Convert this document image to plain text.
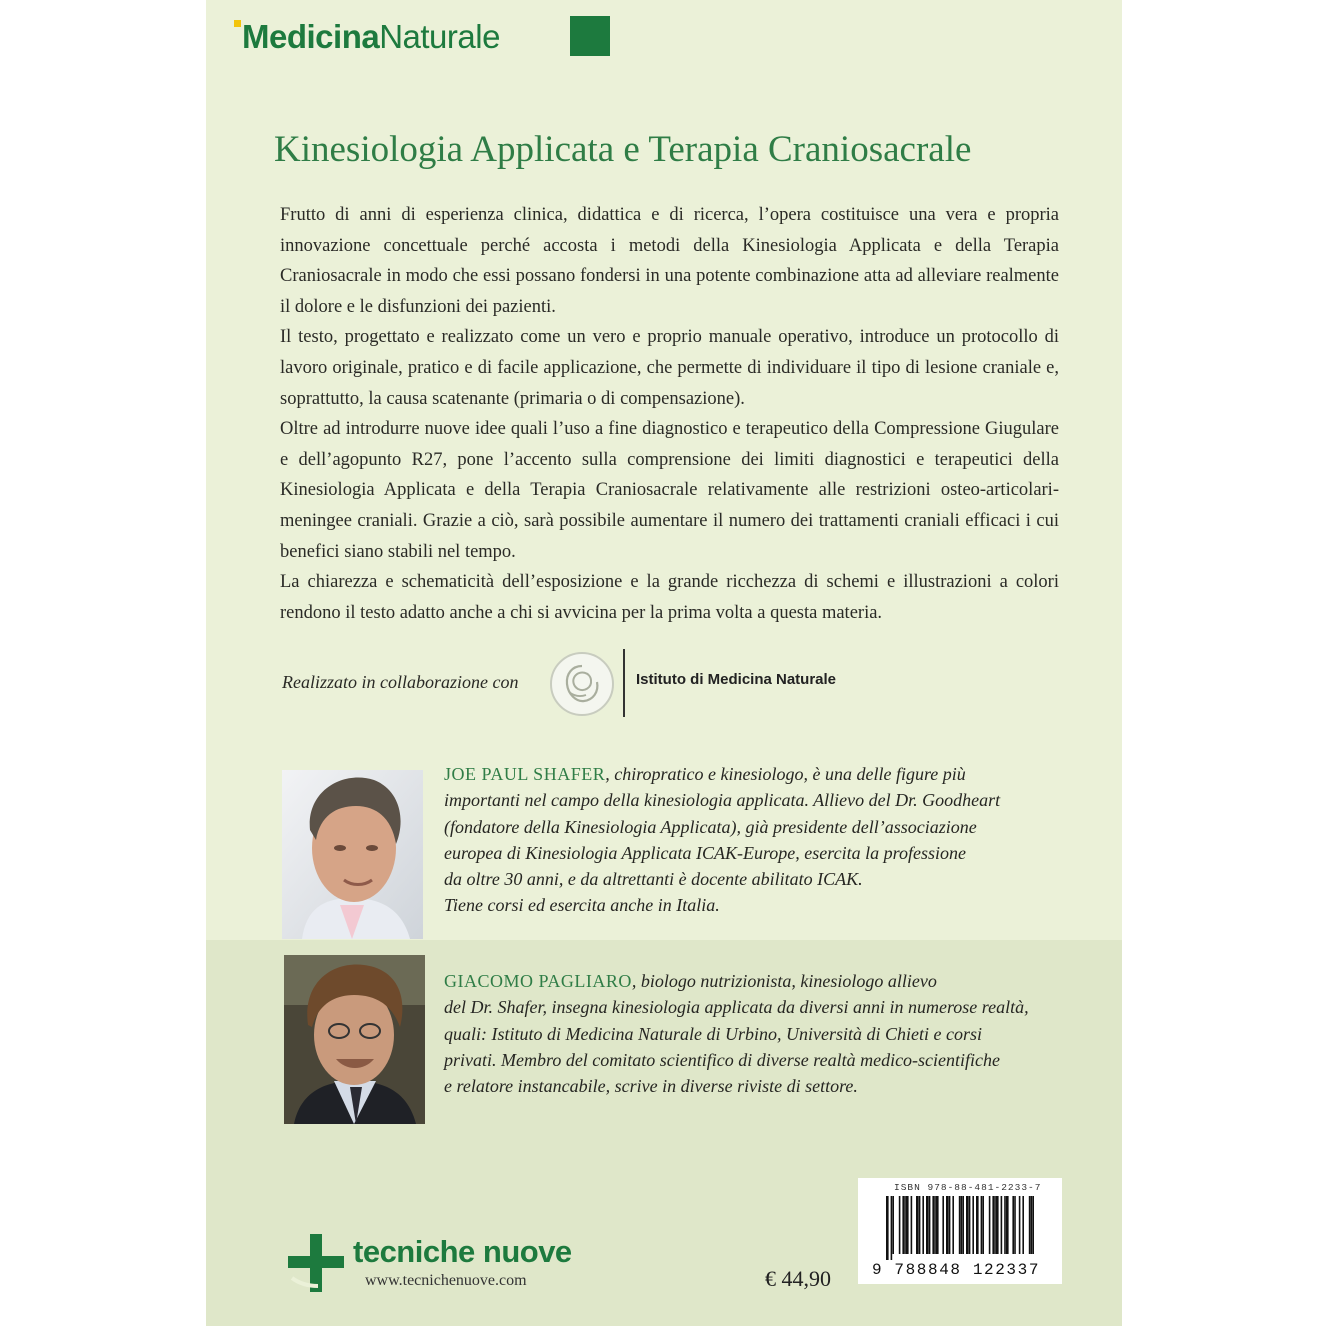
MedicinaNaturale
Kinesiologia Applicata e Terapia Craniosacrale

Frutto di anni di esperienza clinica, didattica e di ricerca, l’opera costituisce una vera e propria innovazione concettuale perché accosta i metodi della Kinesiologia Applicata e della Terapia Craniosacrale in modo che essi possano fondersi in una potente combinazione atta ad alleviare realmente il dolore e le disfunzioni dei pazienti.

Il testo, progettato e realizzato come un vero e proprio manuale operativo, introduce un protocollo di lavoro originale, pratico e di facile applicazione, che permette di individuare il tipo di lesione craniale e, soprattutto, la causa scatenante (primaria o di compensazione).

Oltre ad introdurre nuove idee quali l’uso a fine diagnostico e terapeutico della Compressione Giugulare e dell’agopunto R27, pone l’accento sulla comprensione dei limiti diagnostici e terapeutici della Kinesiologia Applicata e della Terapia Craniosacrale relativamente alle restrizioni osteo-articolari-meningee craniali. Grazie a ciò, sarà possibile aumentare il numero dei trattamenti craniali efficaci i cui benefici siano stabili nel tempo.

La chiarezza e schematicità dell’esposizione e la grande ricchezza di schemi e illustrazioni a colori rendono il testo adatto anche a chi si avvicina per la prima volta a questa materia.

Realizzato in collaborazione con	Istituto di Medicina Naturale
JOE PAUL SHAFER, chiropratico e kinesiologo, è una delle figure più
importanti nel campo della kinesiologia applicata. Allievo del Dr. Goodheart
(fondatore della Kinesiologia Applicata), già presidente dell’associazione
europea di Kinesiologia Applicata ICAK-Europe, esercita la professione
da oltre 30 anni, e da altrettanti è docente abilitato ICAK.
Tiene corsi ed esercita anche in Italia.
GIACOMO PAGLIARO, biologo nutrizionista, kinesiologo allievo
del Dr. Shafer, insegna kinesiologia applicata da diversi anni in numerose realtà,
quali: Istituto di Medicina Naturale di Urbino, Università di Chieti e corsi
privati. Membro del comitato scientifico di diverse realtà medico-scientifiche
e relatore instancabile, scrive in diverse riviste di settore.
tecniche nuove
www.tecnichenuove.com	€ 44,90
ISBN 978-88-481-2233-7
9 788848 122337
